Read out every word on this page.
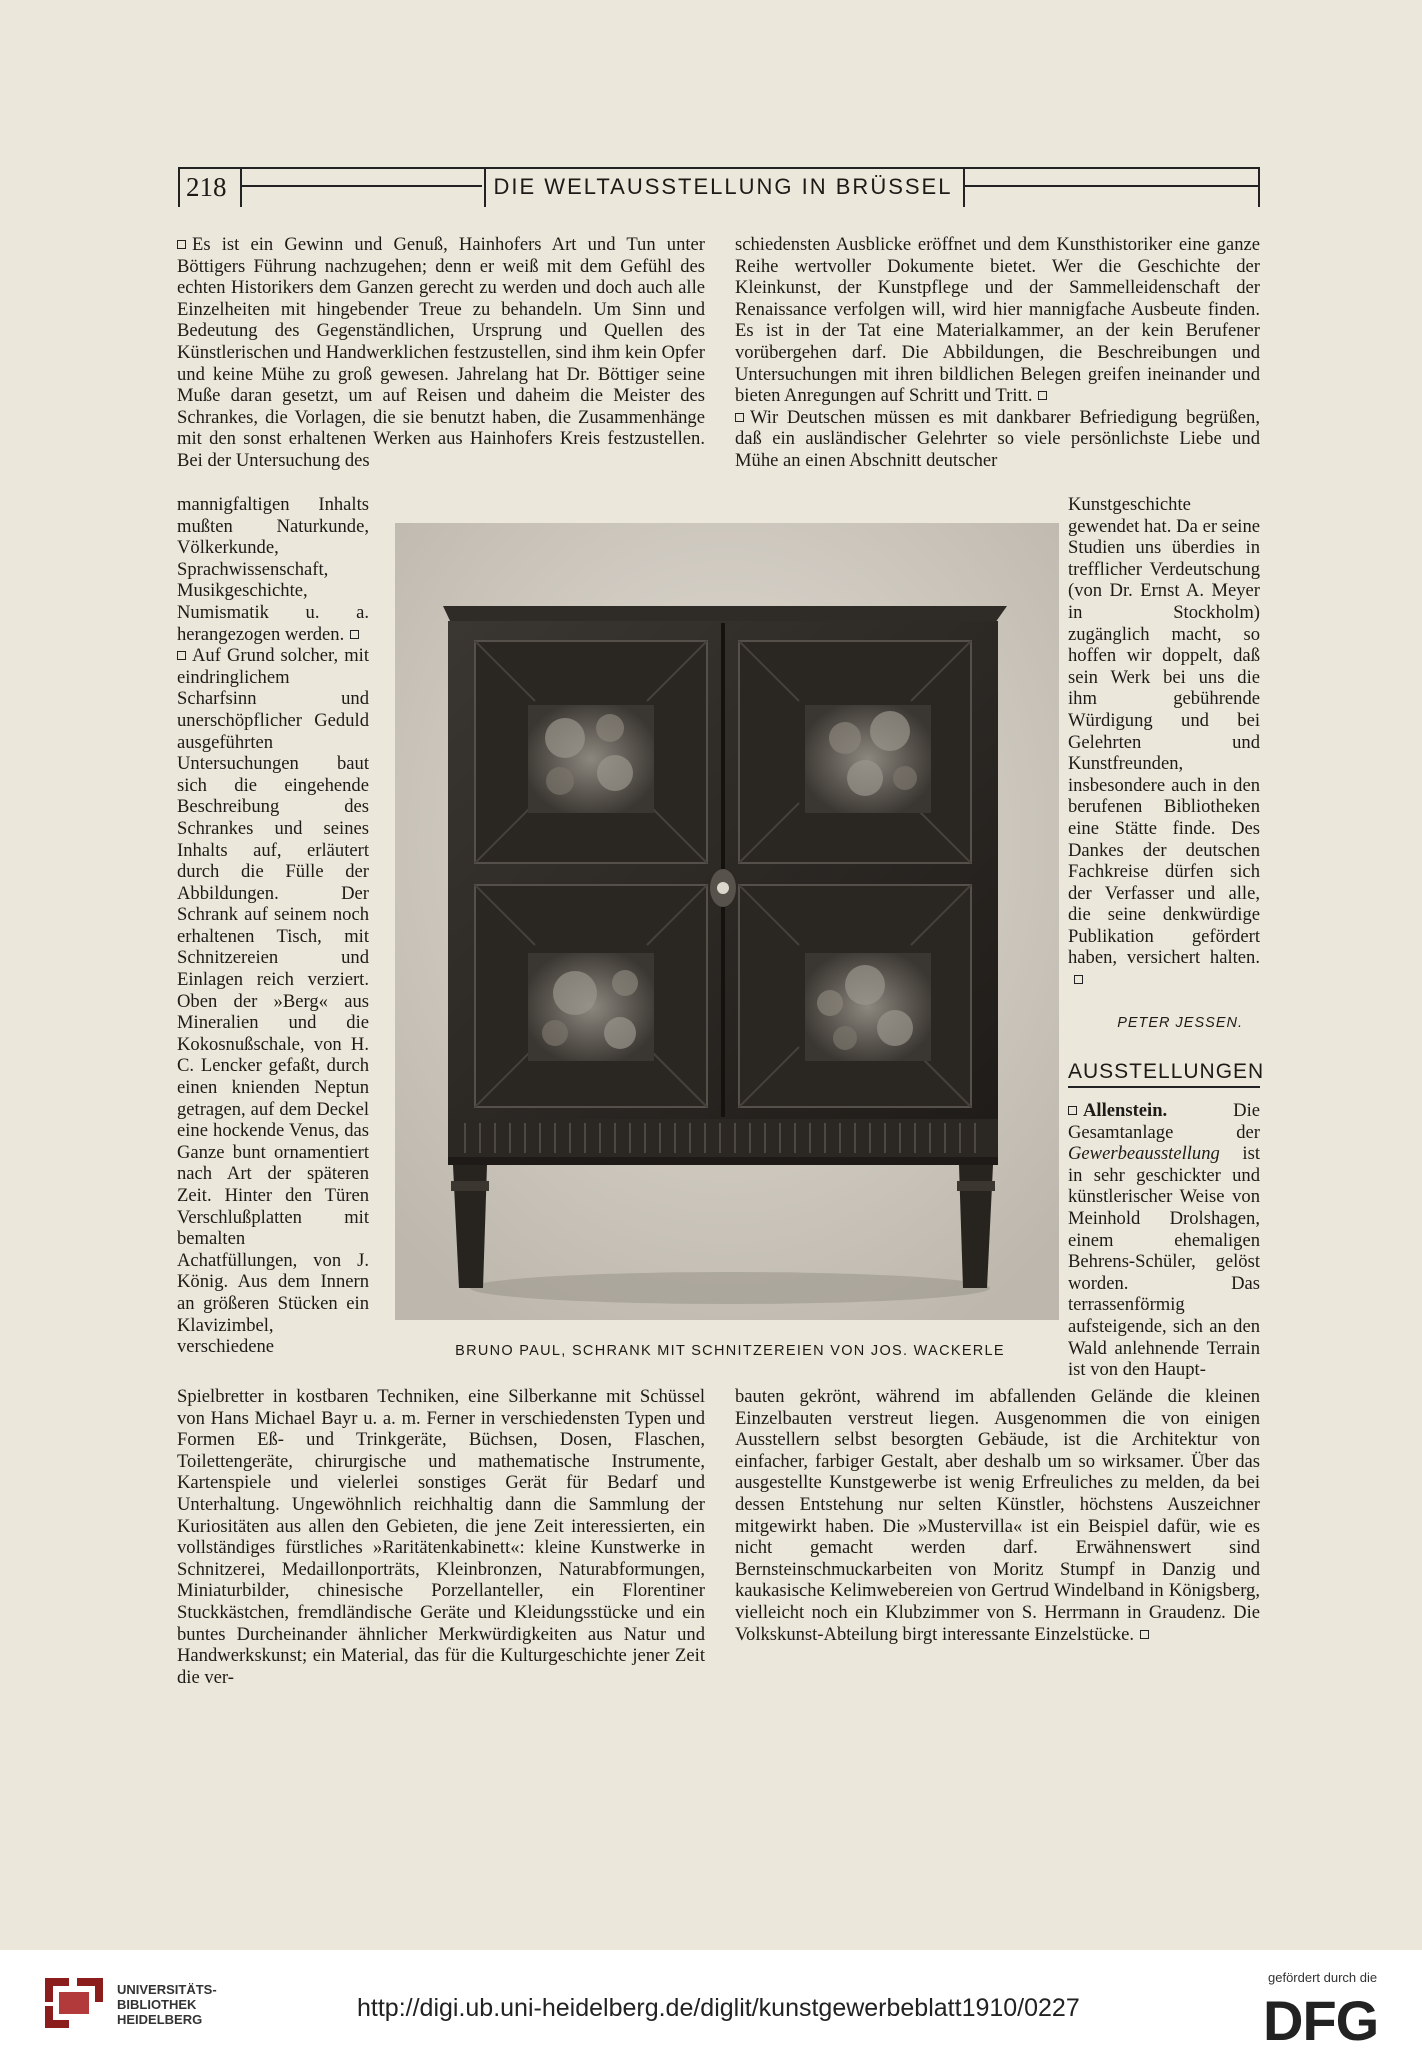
218	DIE WELTAUSSTELLUNG IN BRÜSSEL

Es ist ein Gewinn und Genuß, Hainhofers Art und Tun unter Böttigers Führung nachzugehen; denn er weiß mit dem Gefühl des echten Historikers dem Ganzen gerecht zu werden und doch auch alle Einzelheiten mit hingebender Treue zu behandeln. Um Sinn und Bedeutung des Gegenständlichen, Ursprung und Quellen des Künstlerischen und Handwerklichen festzustellen, sind ihm kein Opfer und keine Mühe zu groß gewesen. Jahrelang hat Dr. Böttiger seine Muße daran gesetzt, um auf Reisen und daheim die Meister des Schrankes, die Vorlagen, die sie benutzt haben, die Zusammenhänge mit den sonst erhaltenen Werken aus Hainhofers Kreis festzustellen. Bei der Untersuchung des

mannigfaltigen Inhalts mußten Naturkunde, Völkerkunde, Sprachwissenschaft, Musikgeschichte, Numismatik u. a. herangezogen werden.

Auf Grund solcher, mit eindringlichem Scharfsinn und unerschöpflicher Geduld ausgeführten Untersuchungen baut sich die eingehende Beschreibung des Schrankes und seines Inhalts auf, erläutert durch die Fülle der Abbildungen. Der Schrank auf seinem noch erhaltenen Tisch, mit Schnitzereien und Einlagen reich verziert. Oben der »Berg« aus Mineralien und die Kokosnußschale, von H. C. Lencker gefaßt, durch einen knienden Neptun getragen, auf dem Deckel eine hockende Venus, das Ganze bunt ornamentiert nach Art der späteren Zeit. Hinter den Türen Verschlußplatten mit bemalten Achatfüllungen, von J. König. Aus dem Innern an größeren Stücken ein Klavizimbel, verschiedene

Spielbretter in kostbaren Techniken, eine Silberkanne mit Schüssel von Hans Michael Bayr u. a. m. Ferner in verschiedensten Typen und Formen Eß- und Trinkgeräte, Büchsen, Dosen, Flaschen, Toilettengeräte, chirurgische und mathematische Instrumente, Kartenspiele und vielerlei sonstiges Gerät für Bedarf und Unterhaltung. Ungewöhnlich reichhaltig dann die Sammlung der Kuriositäten aus allen den Gebieten, die jene Zeit interessierten, ein vollständiges fürstliches »Raritätenkabinett«: kleine Kunstwerke in Schnitzerei, Medaillonporträts, Kleinbronzen, Naturabformungen, Miniaturbilder, chinesische Porzellanteller, ein Florentiner Stuckkästchen, fremdländische Geräte und Kleidungsstücke und ein buntes Durcheinander ähnlicher Merkwürdigkeiten aus Natur und Handwerkskunst; ein Material, das für die Kulturgeschichte jener Zeit die ver-

schiedensten Ausblicke eröffnet und dem Kunsthistoriker eine ganze Reihe wertvoller Dokumente bietet. Wer die Geschichte der Kleinkunst, der Kunstpflege und der Sammelleidenschaft der Renaissance verfolgen will, wird hier mannigfache Ausbeute finden. Es ist in der Tat eine Materialkammer, an der kein Berufener vorübergehen darf. Die Abbildungen, die Beschreibungen und Untersuchungen mit ihren bildlichen Belegen greifen ineinander und bieten Anregungen auf Schritt und Tritt.

Wir Deutschen müssen es mit dankbarer Befriedigung begrüßen, daß ein ausländischer Gelehrter so viele persönlichste Liebe und Mühe an einen Abschnitt deutscher

Kunstgeschichte gewendet hat. Da er seine Studien uns überdies in trefflicher Verdeutschung (von Dr. Ernst A. Meyer in Stockholm) zugänglich macht, so hoffen wir doppelt, daß sein Werk bei uns die ihm gebührende Würdigung und bei Gelehrten und Kunstfreunden, insbesondere auch in den berufenen Bibliotheken eine Stätte finde. Des Dankes der deutschen Fachkreise dürfen sich der Verfasser und alle, die seine denkwürdige Publikation gefördert haben, versichert halten.

PETER JESSEN.
AUSSTELLUNGEN

Allenstein.	Die Gesamtanlage der Gewerbeausstellung ist in sehr geschickter und künstlerischer Weise von Meinhold Drolshagen, einem ehemaligen Behrens-Schüler, gelöst worden. Das terrassenförmig aufsteigende, sich an den Wald anlehnende Terrain ist von den Haupt-

bauten gekrönt, während im abfallenden Gelände die kleinen Einzelbauten verstreut liegen. Ausgenommen die von einigen Ausstellern selbst besorgten Gebäude, ist die Architektur von einfacher, farbiger Gestalt, aber deshalb um so wirksamer. Über das ausgestellte Kunstgewerbe ist wenig Erfreuliches zu melden, da bei dessen Entstehung nur selten Künstler, höchstens Auszeichner mitgewirkt haben. Die »Mustervilla« ist ein Beispiel dafür, wie es nicht gemacht werden darf. Erwähnenswert sind Bernsteinschmuckarbeiten von Moritz Stumpf in Danzig und kaukasische Kelimwebereien von Gertrud Windelband in Königsberg, vielleicht noch ein Klubzimmer von S. Herrmann in Graudenz. Die Volkskunst-Abteilung birgt interessante Einzelstücke.

BRUNO PAUL, SCHRANK MIT SCHNITZEREIEN VON JOS. WACKERLE
UNIVERSITÄTS-
BIBLIOTHEK
HEIDELBERG	http://digi.ub.uni-heidelberg.de/diglit/kunstgewerbeblatt1910/0227
gefördert durch die
DFG
